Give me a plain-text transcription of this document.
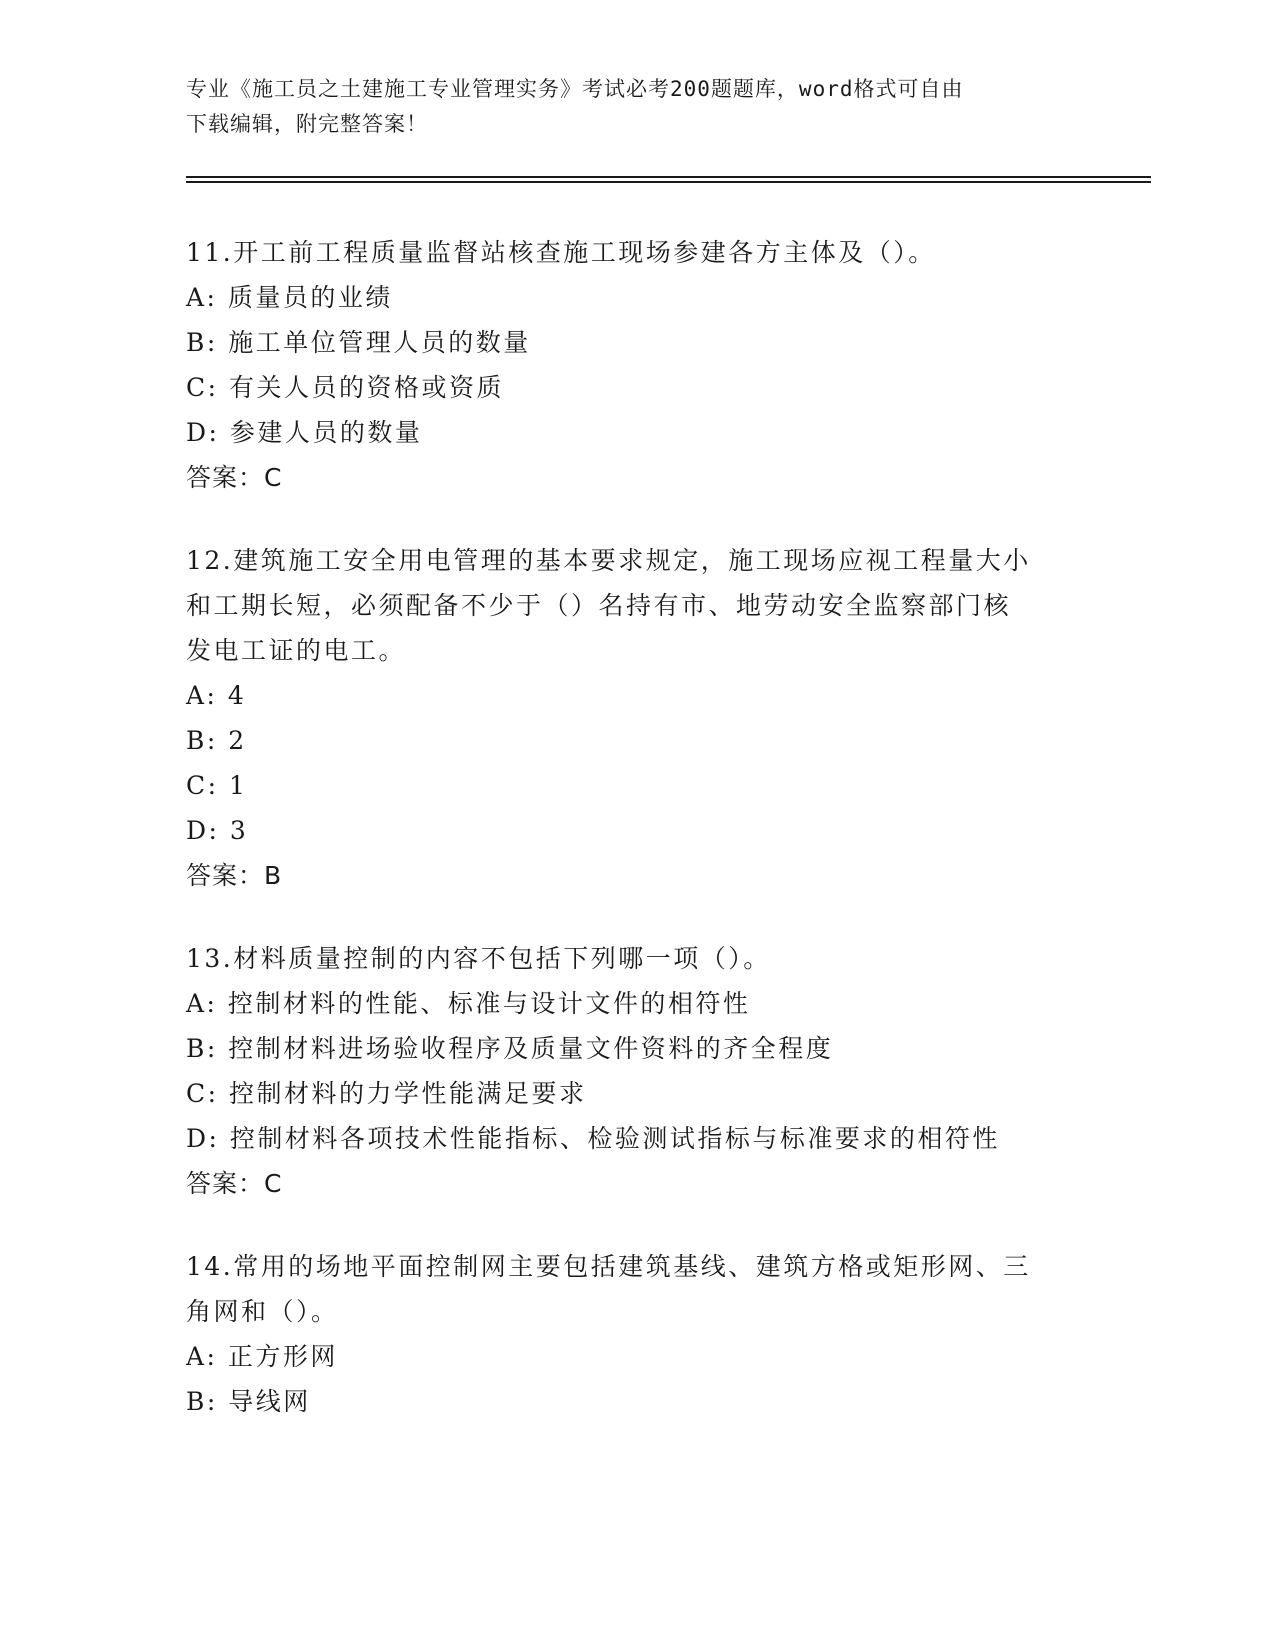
专业《施工员之土建施工专业管理实务》考试必考200题题库，word格式可自由
下载编辑，附完整答案！
11.开工前工程质量监督站核查施工现场参建各方主体及（）。
A: 质量员的业绩
B: 施工单位管理人员的数量
C: 有关人员的资格或资质
D: 参建人员的数量
答案：C
12.建筑施工安全用电管理的基本要求规定，施工现场应视工程量大小
和工期长短，必须配备不少于（）名持有市、地劳动安全监察部门核
发电工证的电工。
A: 4
B: 2
C: 1
D: 3
答案：B
13.材料质量控制的内容不包括下列哪一项（）。
A: 控制材料的性能、标准与设计文件的相符性
B: 控制材料进场验收程序及质量文件资料的齐全程度
C: 控制材料的力学性能满足要求
D: 控制材料各项技术性能指标、检验测试指标与标准要求的相符性
答案：C
14.常用的场地平面控制网主要包括建筑基线、建筑方格或矩形网、三
角网和（）。
A: 正方形网
B: 导线网
